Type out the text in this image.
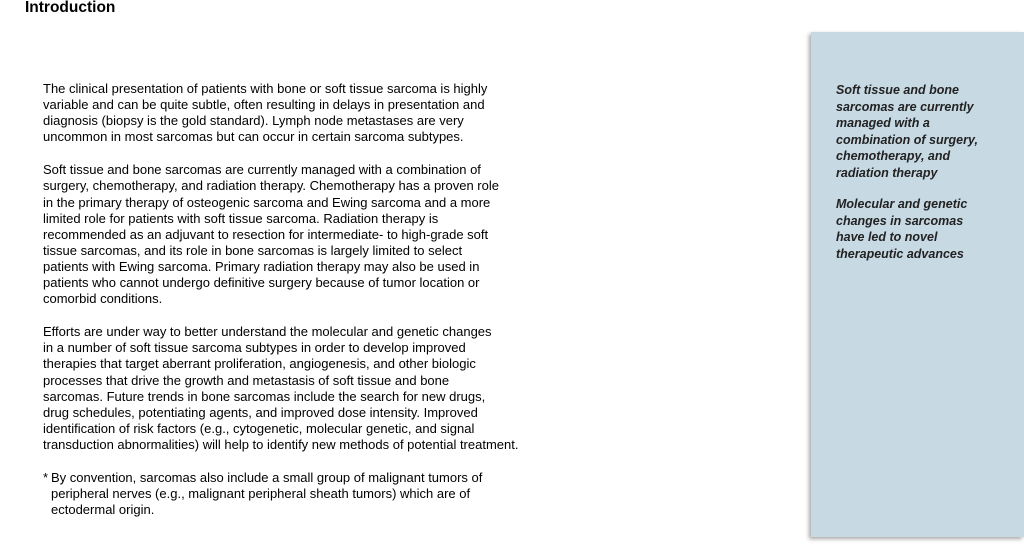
Introduction

The clinical presentation of patients with bone or soft tissue sarcoma is highly
variable and can be quite subtle, often resulting in delays in presentation and
diagnosis (biopsy is the gold standard). Lymph node metastases are very
uncommon in most sarcomas but can occur in certain sarcoma subtypes.

Soft tissue and bone sarcomas are currently managed with a combination of
surgery, chemotherapy, and radiation therapy. Chemotherapy has a proven role
in the primary therapy of osteogenic sarcoma and Ewing sarcoma and a more
limited role for patients with soft tissue sarcoma. Radiation therapy is
recommended as an adjuvant to resection for intermediate- to high-grade soft
tissue sarcomas, and its role in bone sarcomas is largely limited to select
patients with Ewing sarcoma. Primary radiation therapy may also be used in
patients who cannot undergo definitive surgery because of tumor location or
comorbid conditions.

Efforts are under way to better understand the molecular and genetic changes
in a number of soft tissue sarcoma subtypes in order to develop improved
therapies that target aberrant proliferation, angiogenesis, and other biologic
processes that drive the growth and metastasis of soft tissue and bone
sarcomas. Future trends in bone sarcomas include the search for new drugs,
drug schedules, potentiating agents, and improved dose intensity. Improved
identification of risk factors (e.g., cytogenetic, molecular genetic, and signal
transduction abnormalities) will help to identify new methods of potential treatment.

* By convention, sarcomas also include a small group of malignant tumors of
peripheral nerves (e.g., malignant peripheral sheath tumors) which are of
ectodermal origin.

Soft tissue and bone
sarcomas are currently
managed with a
combination of surgery,
chemotherapy, and
radiation therapy

Molecular and genetic
changes in sarcomas
have led to novel
therapeutic advances
